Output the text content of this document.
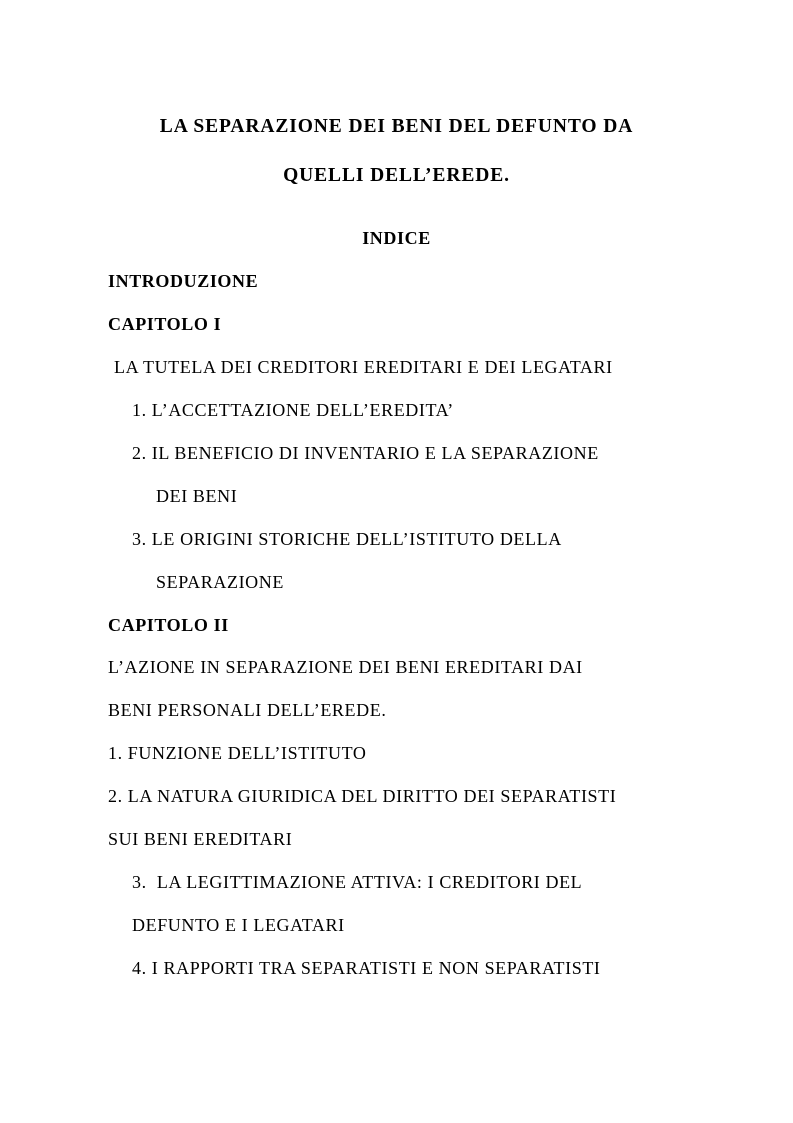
LA SEPARAZIONE DEI BENI DEL DEFUNTO DA
QUELLI DELL’EREDE.
INDICE
INTRODUZIONE
CAPITOLO I
LA TUTELA DEI CREDITORI EREDITARI E DEI LEGATARI
1. L’ACCETTAZIONE DELL’EREDITA’
2. IL BENEFICIO DI INVENTARIO E LA SEPARAZIONE
DEI BENI
3. LE ORIGINI STORICHE DELL’ISTITUTO DELLA
SEPARAZIONE
CAPITOLO II
L’AZIONE IN SEPARAZIONE DEI BENI EREDITARI DAI
BENI PERSONALI DELL’EREDE.
1. FUNZIONE DELL’ISTITUTO
2. LA NATURA GIURIDICA DEL DIRITTO DEI SEPARATISTI
SUI BENI EREDITARI
3.  LA LEGITTIMAZIONE ATTIVA: I CREDITORI DEL
DEFUNTO E I LEGATARI
4. I RAPPORTI TRA SEPARATISTI E NON SEPARATISTI
